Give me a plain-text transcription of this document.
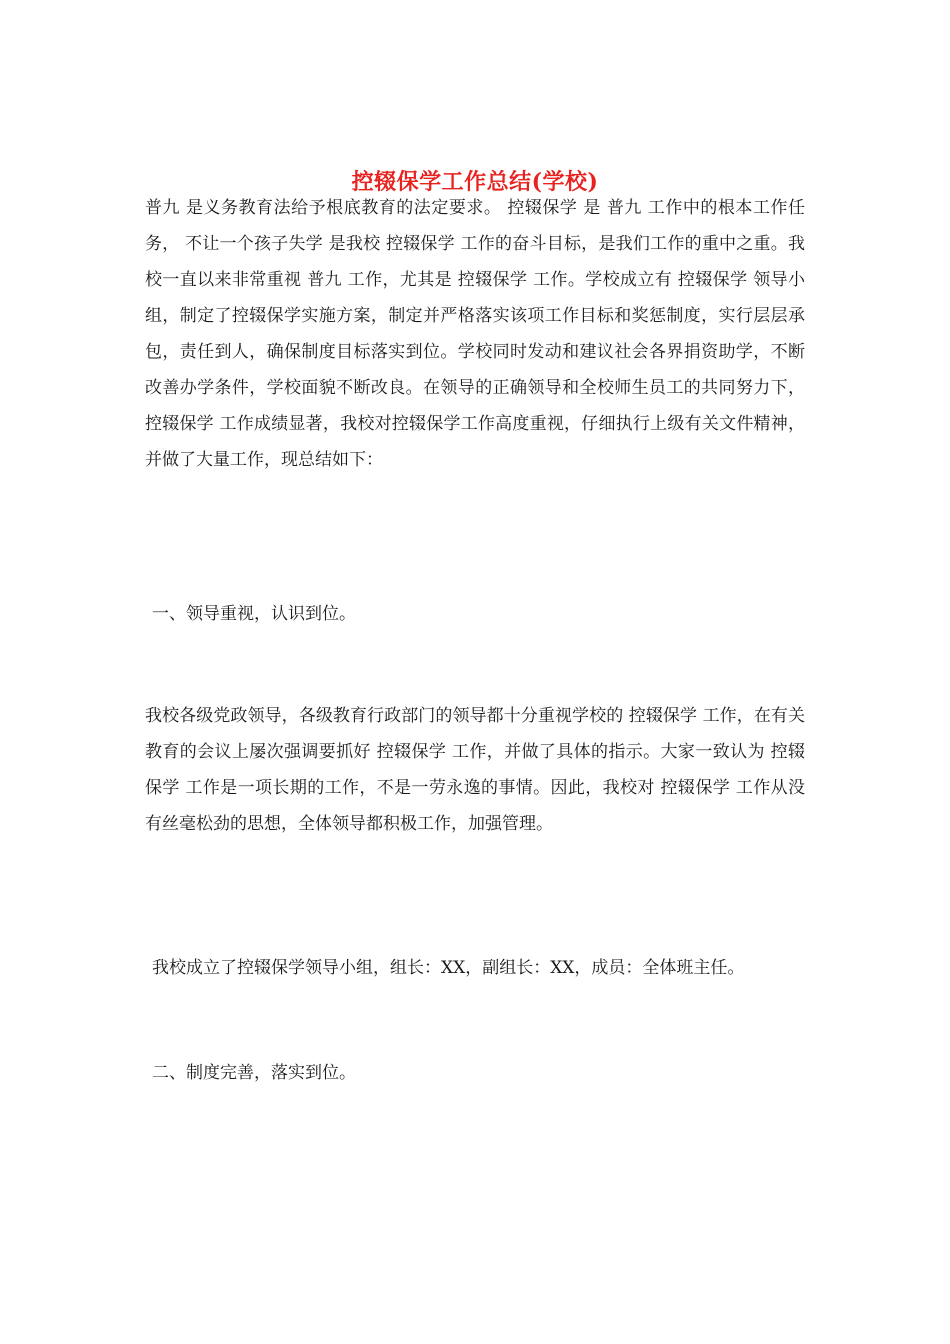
控辍保学工作总结(学校)

普九 是义务教育法给予根底教育的法定要求。 控辍保学 是 普九 工作中的根本工作任务， 不让一个孩子失学 是我校 控辍保学 工作的奋斗目标，是我们工作的重中之重。我校一直以来非常重视 普九 工作，尤其是 控辍保学 工作。学校成立有 控辍保学 领导小组，制定了控辍保学实施方案，制定并严格落实该项工作目标和奖惩制度，实行层层承包，责任到人，确保制度目标落实到位。学校同时发动和建议社会各界捐资助学，不断改善办学条件，学校面貌不断改良。在领导的正确领导和全校师生员工的共同努力下， 控辍保学 工作成绩显著，我校对控辍保学工作高度重视，仔细执行上级有关文件精神，并做了大量工作，现总结如下：

一、领导重视，认识到位。

我校各级党政领导，各级教育行政部门的领导都十分重视学校的 控辍保学 工作，在有关教育的会议上屡次强调要抓好 控辍保学 工作，并做了具体的指示。大家一致认为 控辍保学 工作是一项长期的工作，不是一劳永逸的事情。因此，我校对 控辍保学 工作从没有丝毫松劲的思想，全体领导都积极工作，加强管理。

我校成立了控辍保学领导小组，组长：XX，副组长：XX，成员：全体班主任。

二、制度完善，落实到位。
